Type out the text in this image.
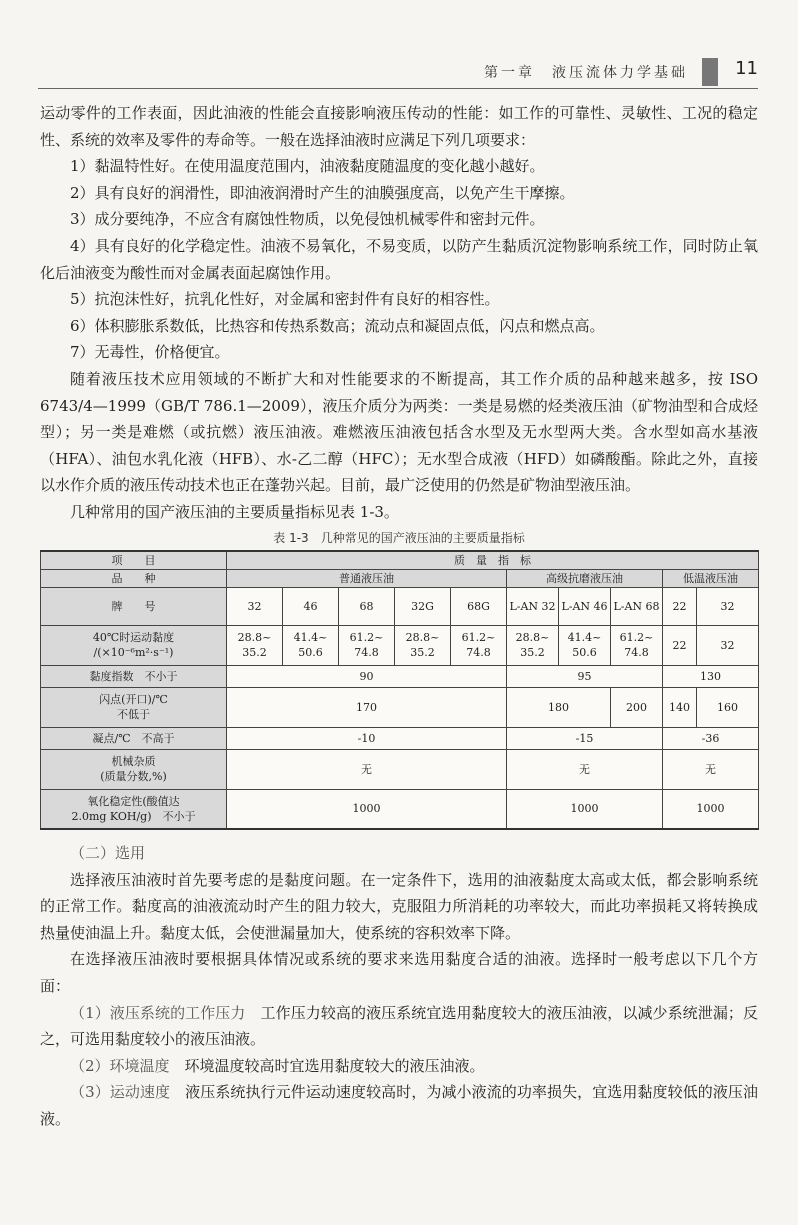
第一章　液压流体力学基础	11

运动零件的工作表面，因此油液的性能会直接影响液压传动的性能：如工作的可靠性、灵敏性、工况的稳定性、系统的效率及零件的寿命等。一般在选择油液时应满足下列几项要求：

1）黏温特性好。在使用温度范围内，油液黏度随温度的变化越小越好。

2）具有良好的润滑性，即油液润滑时产生的油膜强度高，以免产生干摩擦。

3）成分要纯净，不应含有腐蚀性物质，以免侵蚀机械零件和密封元件。

4）具有良好的化学稳定性。油液不易氧化，不易变质，以防产生黏质沉淀物影响系统工作，同时防止氧化后油液变为酸性而对金属表面起腐蚀作用。

5）抗泡沫性好，抗乳化性好，对金属和密封件有良好的相容性。

6）体积膨胀系数低，比热容和传热系数高；流动点和凝固点低，闪点和燃点高。

7）无毒性，价格便宜。

随着液压技术应用领域的不断扩大和对性能要求的不断提高，其工作介质的品种越来越多，按 ISO 6743/4—1999（GB/T 786.1—2009），液压介质分为两类：一类是易燃的烃类液压油（矿物油型和合成烃型）；另一类是难燃（或抗燃）液压油液。难燃液压油液包括含水型及无水型两大类。含水型如高水基液（HFA）、油包水乳化液（HFB）、水-乙二醇（HFC）；无水型合成液（HFD）如磷酸酯。除此之外，直接以水作介质的液压传动技术也正在蓬勃兴起。目前，最广泛使用的仍然是矿物油型液压油。

几种常用的国产液压油的主要质量指标见表 1-3。

表 1-3　几种常见的国产液压油的主要质量指标
项　　目	质　量　指　标									
品　　种	普通液压油					高级抗磨液压油			低温液压油	
牌　　号	32	46	68	32G	68G	L-AN 32	L-AN 46	L-AN 68	22	32
40℃时运动黏度
/(×10⁻⁶m²·s⁻¹)	28.8~ 35.2	41.4~ 50.6	61.2~ 74.8	28.8~ 35.2	61.2~ 74.8	28.8~ 35.2	41.4~ 50.6	61.2~ 74.8	22	32
黏度指数　不小于	90					95			130	
闪点(开口)/℃
不低于	170					180		200	140	160
凝点/℃　不高于	-10					-15			-36	
机械杂质
(质量分数,%)	无					无			无	
氧化稳定性(酸值达
2.0mg KOH/g)　不小于	1000					1000			1000	

（二）选用

选择液压油液时首先要考虑的是黏度问题。在一定条件下，选用的油液黏度太高或太低，都会影响系统的正常工作。黏度高的油液流动时产生的阻力较大，克服阻力所消耗的功率较大，而此功率损耗又将转换成热量使油温上升。黏度太低，会使泄漏量加大，使系统的容积效率下降。

在选择液压油液时要根据具体情况或系统的要求来选用黏度合适的油液。选择时一般考虑以下几个方面：

（1）液压系统的工作压力　工作压力较高的液压系统宜选用黏度较大的液压油液，以减少系统泄漏；反之，可选用黏度较小的液压油液。

（2）环境温度　环境温度较高时宜选用黏度较大的液压油液。

（3）运动速度　液压系统执行元件运动速度较高时，为减小液流的功率损失，宜选用黏度较低的液压油液。
